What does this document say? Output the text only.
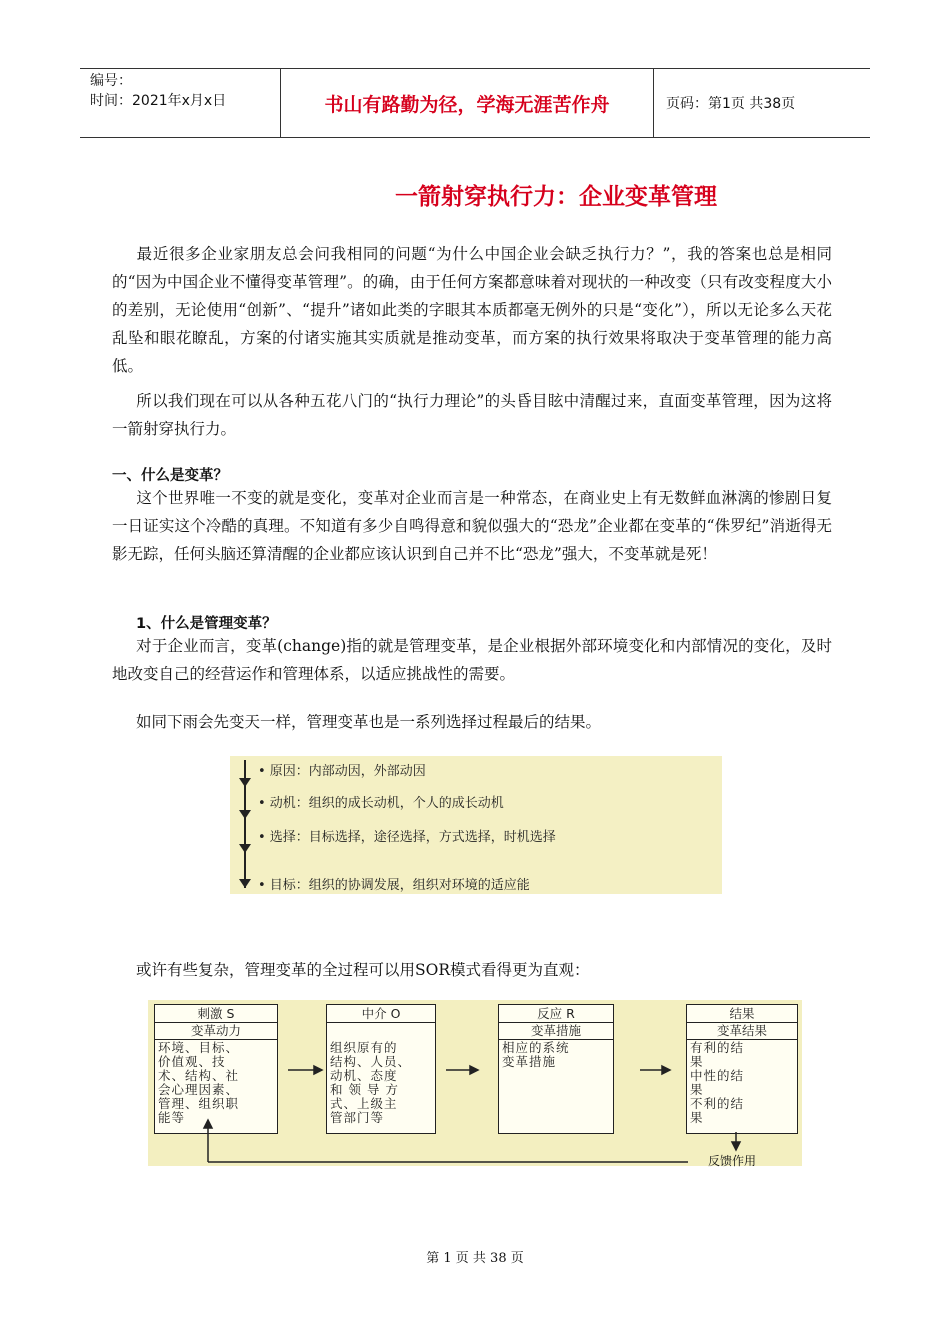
编号：
时间：2021年x月x日	书山有路勤为径，学海无涯苦作舟	页码：第1页 共38页
一箭射穿执行力：企业变革管理
最近很多企业家朋友总会问我相同的问题“为什么中国企业会缺乏执行力？”，我的答案也总是相同的“因为中国企业不懂得变革管理”。的确，由于任何方案都意味着对现状的一种改变（只有改变程度大小的差别，无论使用“创新”、“提升”诸如此类的字眼其本质都毫无例外的只是“变化”），所以无论多么天花乱坠和眼花瞭乱，方案的付诸实施其实质就是推动变革，而方案的执行效果将取决于变革管理的能力高低。
所以我们现在可以从各种五花八门的“执行力理论”的头昏目眩中清醒过来，直面变革管理，因为这将一箭射穿执行力。
一、什么是变革？
这个世界唯一不变的就是变化，变革对企业而言是一种常态，在商业史上有无数鲜血淋漓的惨剧日复一日证实这个冷酷的真理。不知道有多少自鸣得意和貌似强大的“恐龙”企业都在变革的“侏罗纪”消逝得无影无踪，任何头脑还算清醒的企业都应该认识到自己并不比“恐龙”强大，不变革就是死！
1、什么是管理变革？
对于企业而言，变革(change)指的就是管理变革，是企业根据外部环境变化和内部情况的变化，及时地改变自己的经营运作和管理体系，以适应挑战性的需要。
如同下雨会先变天一样，管理变革也是一系列选择过程最后的结果。
• 原因：内部动因，外部动因
• 动机：组织的成长动机，个人的成长动机
• 选择：目标选择，途径选择，方式选择，时机选择
• 目标：组织的协调发展，组织对环境的适应能
或许有些复杂，管理变革的全过程可以用SOR模式看得更为直观：
刺激 S
变革动力
环境、目标、
价值观、技
术、结构、社
会心理因素、
管理、组织职
能等
中介 O
组织原有的
结构、人员、
动机、态度
和 领 导 方
式、上级主
管部门等
反应 R
变革措施
相应的系统
变革措施
结果
变革结果
有利的结
果
中性的结
果
不利的结
果
反馈作用
第 1 页 共 38 页
